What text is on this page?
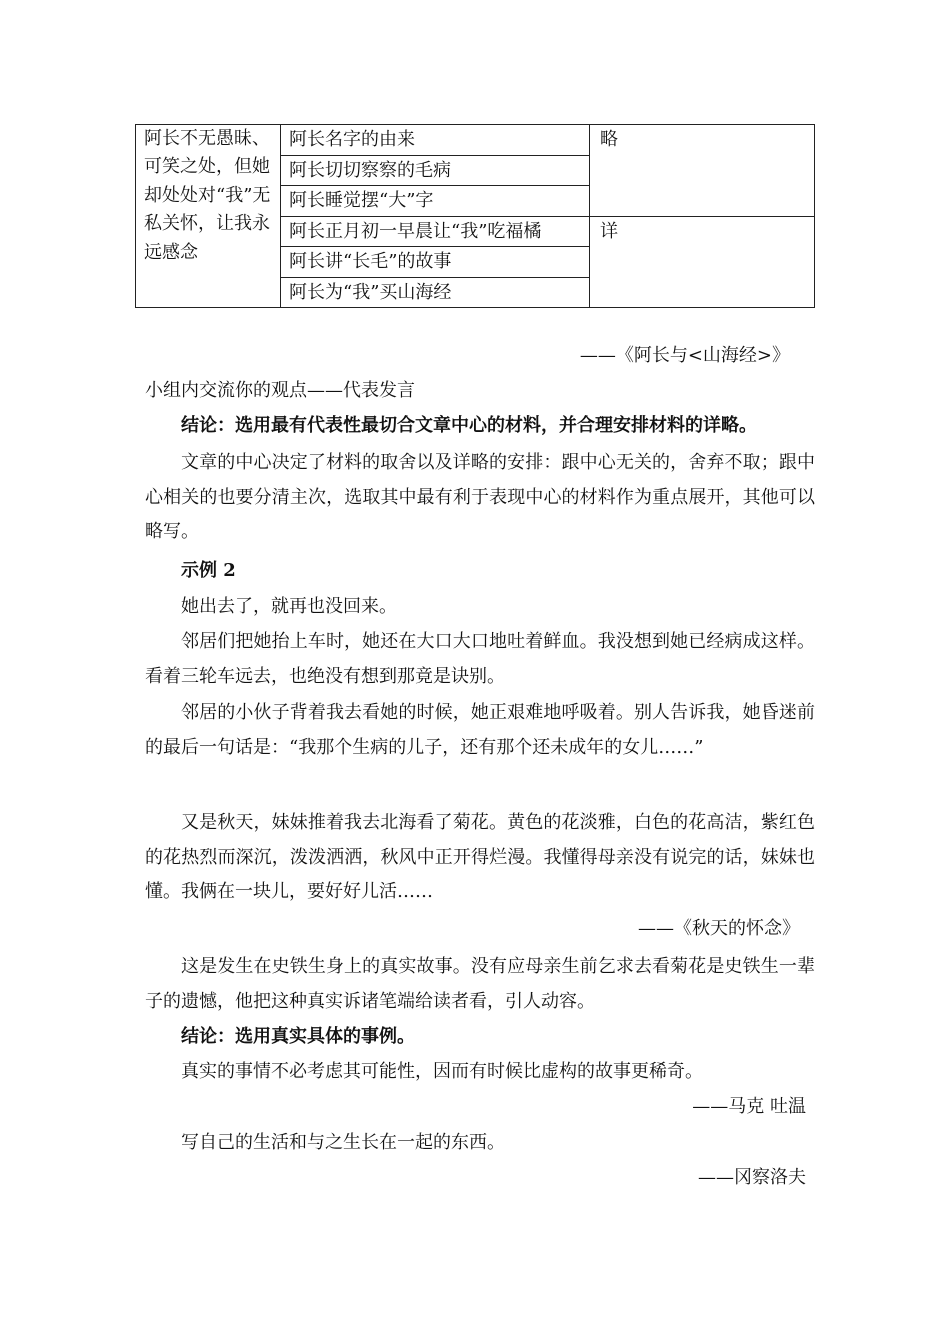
阿长不无愚昧、可笑之处，但她却处处对“我”无私关怀，让我永远感念	阿长名字的由来	略
	阿长切切察察的毛病	
	阿长睡觉摆“大”字	
	阿长正月初一早晨让“我”吃福橘	详
	阿长讲“长毛”的故事	
	阿长为“我”买山海经	
——《阿长与<山海经>》
小组内交流你的观点——代表发言
结论：选用最有代表性最切合文章中心的材料，并合理安排材料的详略。
文章的中心决定了材料的取舍以及详略的安排：跟中心无关的，舍弃不取；跟中心相关的也要分清主次，选取其中最有利于表现中心的材料作为重点展开，其他可以略写。
示例 2
她出去了，就再也没回来。
邻居们把她抬上车时，她还在大口大口地吐着鲜血。我没想到她已经病成这样。看着三轮车远去，也绝没有想到那竟是诀别。
邻居的小伙子背着我去看她的时候，她正艰难地呼吸着。别人告诉我，她昏迷前的最后一句话是：“我那个生病的儿子，还有那个还未成年的女儿……”
又是秋天，妹妹推着我去北海看了菊花。黄色的花淡雅，白色的花高洁，紫红色的花热烈而深沉，泼泼洒洒，秋风中正开得烂漫。我懂得母亲没有说完的话，妹妹也懂。我俩在一块儿，要好好儿活……
——《秋天的怀念》
这是发生在史铁生身上的真实故事。没有应母亲生前乞求去看菊花是史铁生一辈子的遗憾，他把这种真实诉诸笔端给读者看，引人动容。
结论：选用真实具体的事例。
真实的事情不必考虑其可能性，因而有时候比虚构的故事更稀奇。
——马克 吐温
写自己的生活和与之生长在一起的东西。
——冈察洛夫
